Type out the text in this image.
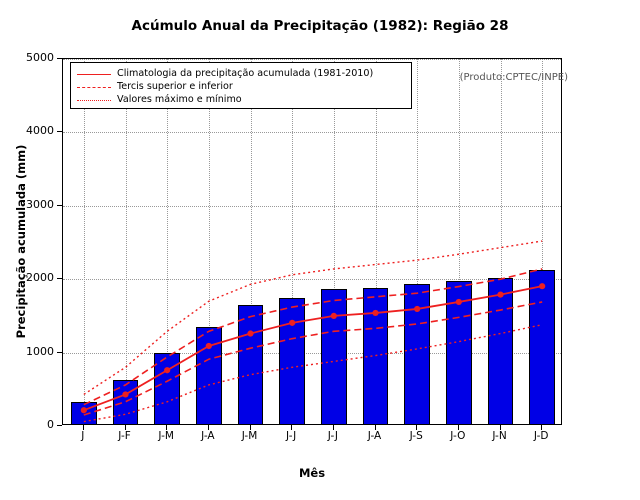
Acúmulo Anual da Precipitação (1982): Região 28
Precipitação acumulada (mm)
Mês
0
1000
2000
3000
4000
5000
J	J-F	J-M	J-A	J-M	J-J	J-J	J-A	J-S	J-O	J-N	J-D
Climatologia da precipitação acumulada (1981-2010)
Tercis superior e inferior
Valores máximo e mínimo
(Produto:CPTEC/INPE)
